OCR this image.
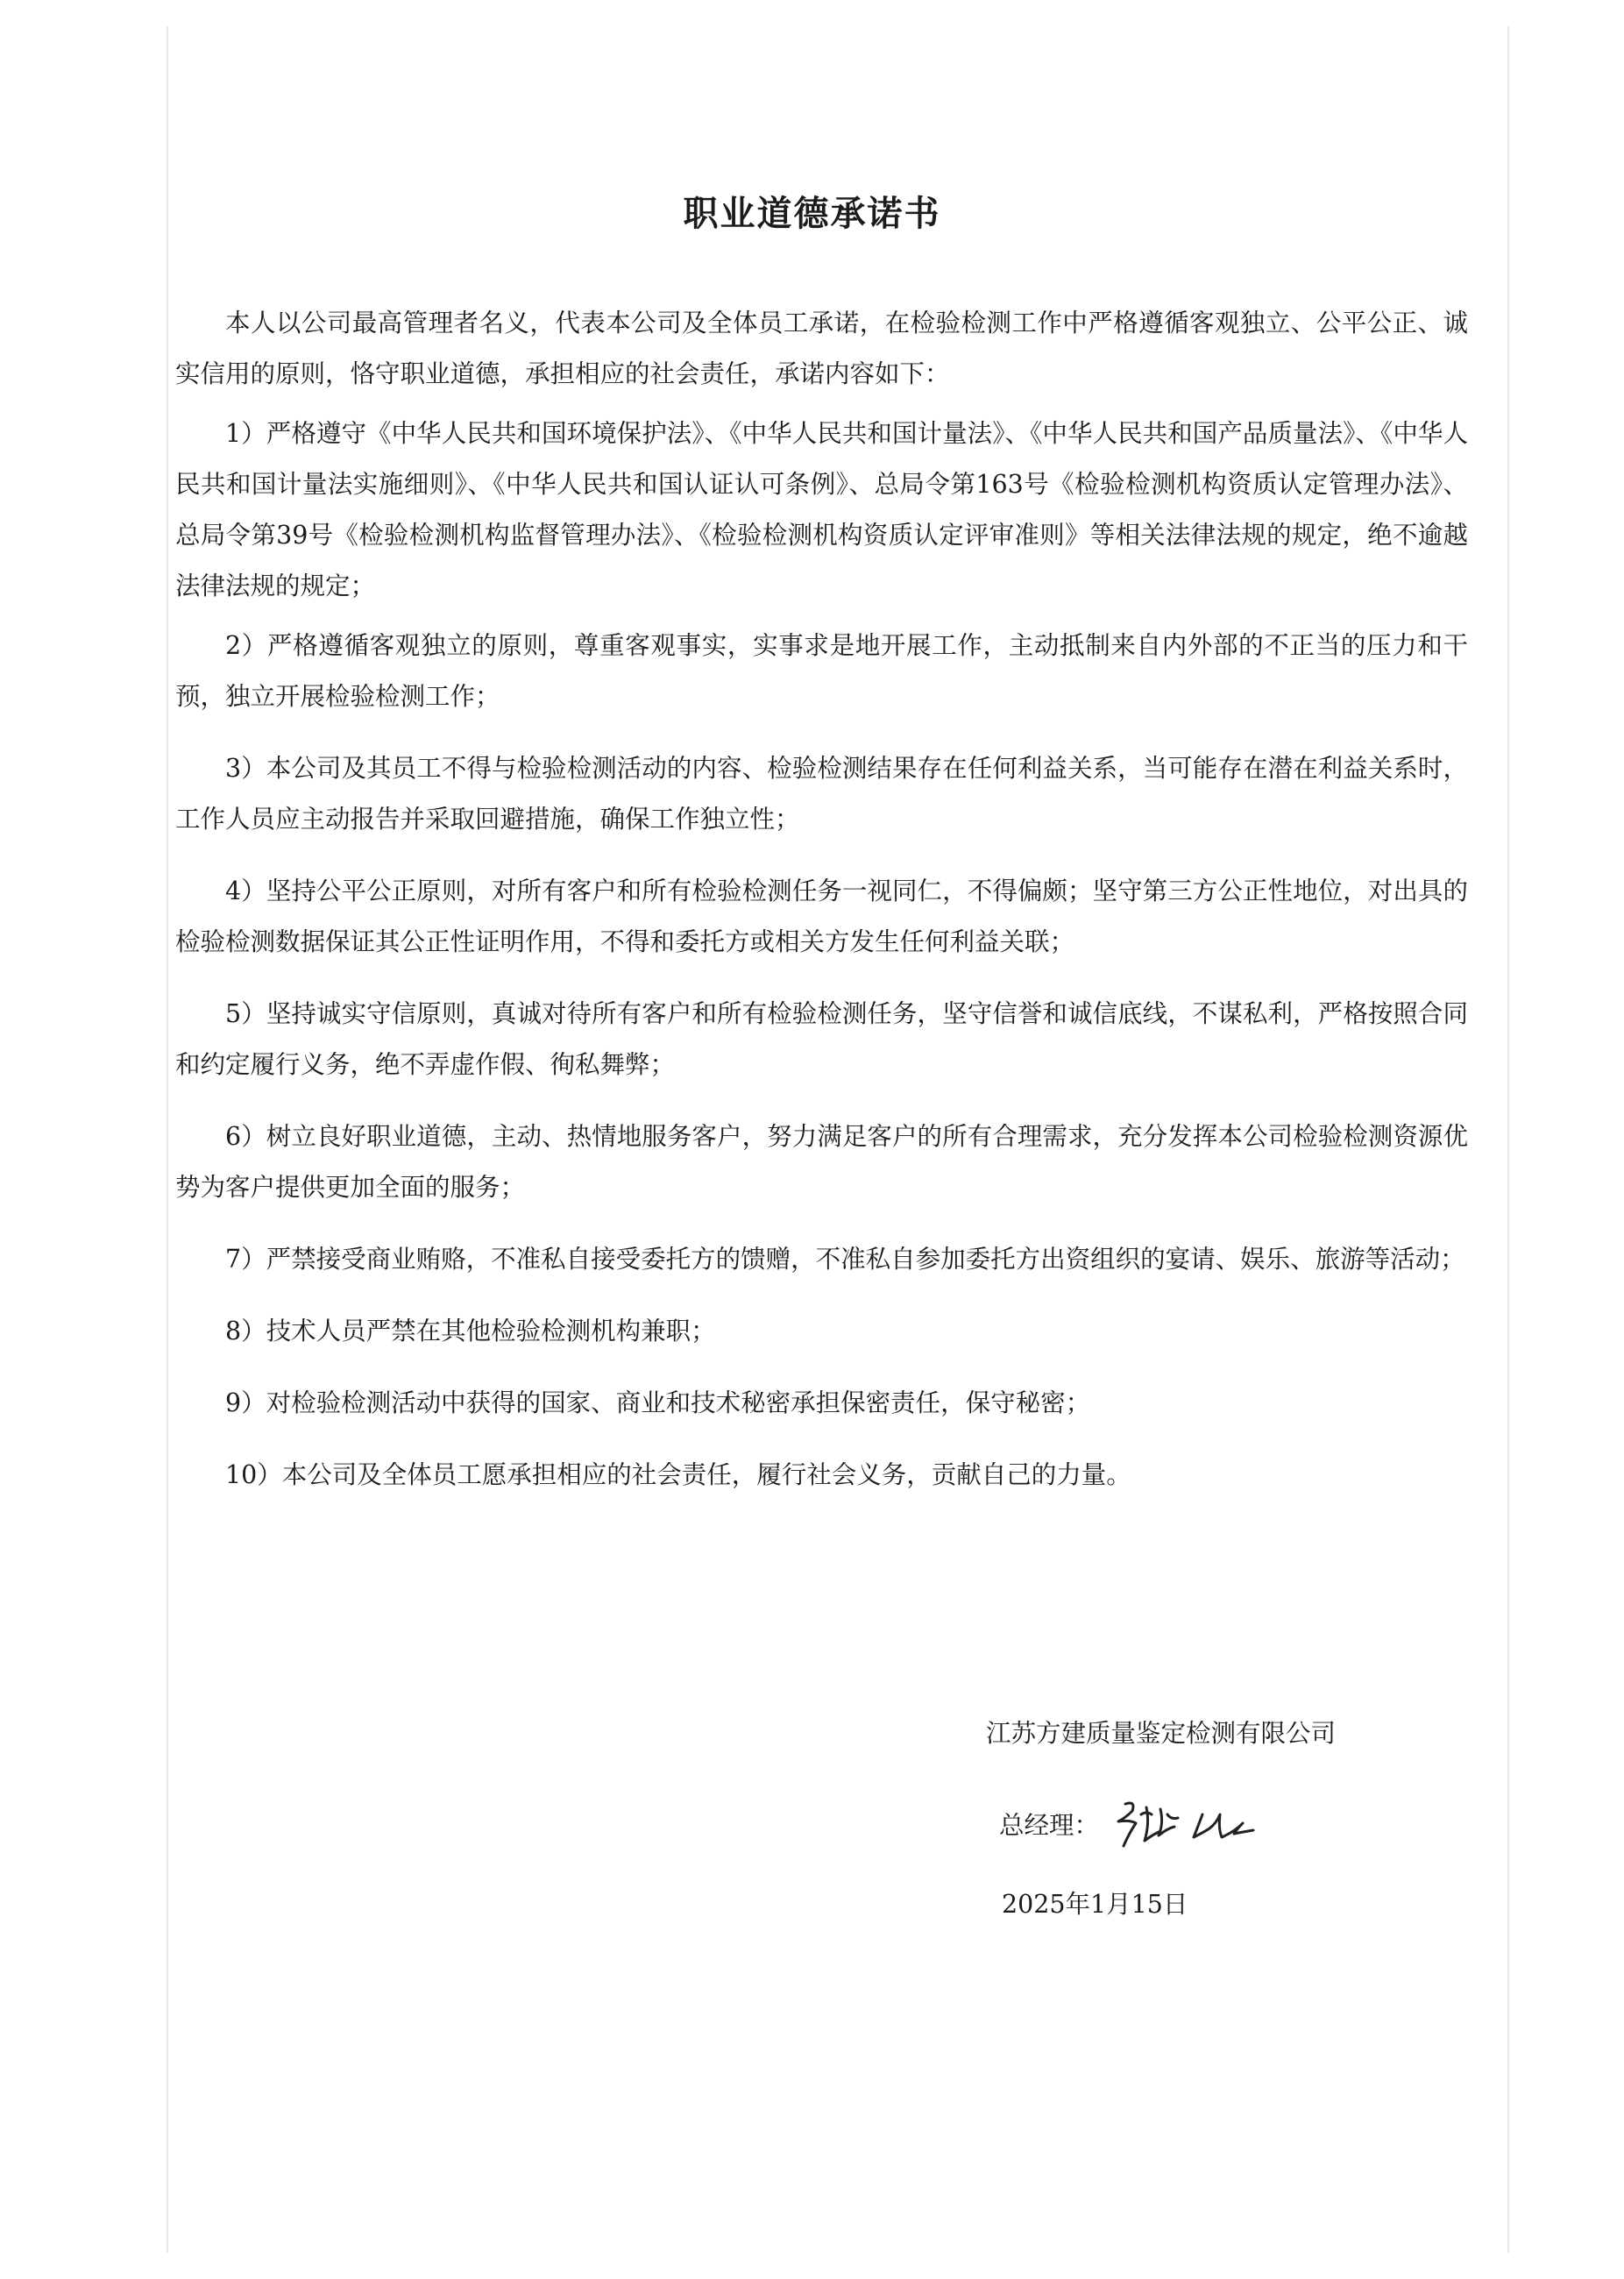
职业道德承诺书

本人以公司最高管理者名义，代表本公司及全体员工承诺，在检验检测工作中严格遵循客观独立、公平公正、诚实信用的原则，恪守职业道德，承担相应的社会责任，承诺内容如下：

1）严格遵守《中华人民共和国环境保护法》、《中华人民共和国计量法》、《中华人民共和国产品质量法》、《中华人民共和国计量法实施细则》、《中华人民共和国认证认可条例》、总局令第163号《检验检测机构资质认定管理办法》、总局令第39号《检验检测机构监督管理办法》、《检验检测机构资质认定评审准则》等相关法律法规的规定，绝不逾越法律法规的规定；

2）严格遵循客观独立的原则，尊重客观事实，实事求是地开展工作，主动抵制来自内外部的不正当的压力和干预，独立开展检验检测工作；

3）本公司及其员工不得与检验检测活动的内容、检验检测结果存在任何利益关系，当可能存在潜在利益关系时，工作人员应主动报告并采取回避措施，确保工作独立性；

4）坚持公平公正原则，对所有客户和所有检验检测任务一视同仁，不得偏颇；坚守第三方公正性地位，对出具的检验检测数据保证其公正性证明作用，不得和委托方或相关方发生任何利益关联；

5）坚持诚实守信原则，真诚对待所有客户和所有检验检测任务，坚守信誉和诚信底线，不谋私利，严格按照合同和约定履行义务，绝不弄虚作假、徇私舞弊；

6）树立良好职业道德，主动、热情地服务客户，努力满足客户的所有合理需求，充分发挥本公司检验检测资源优势为客户提供更加全面的服务；

7）严禁接受商业贿赂，不准私自接受委托方的馈赠，不准私自参加委托方出资组织的宴请、娱乐、旅游等活动；

8）技术人员严禁在其他检验检测机构兼职；

9）对检验检测活动中获得的国家、商业和技术秘密承担保密责任，保守秘密；

10）本公司及全体员工愿承担相应的社会责任，履行社会义务，贡献自己的力量。

江苏方建质量鉴定检测有限公司
总经理：
2025年1月15日
